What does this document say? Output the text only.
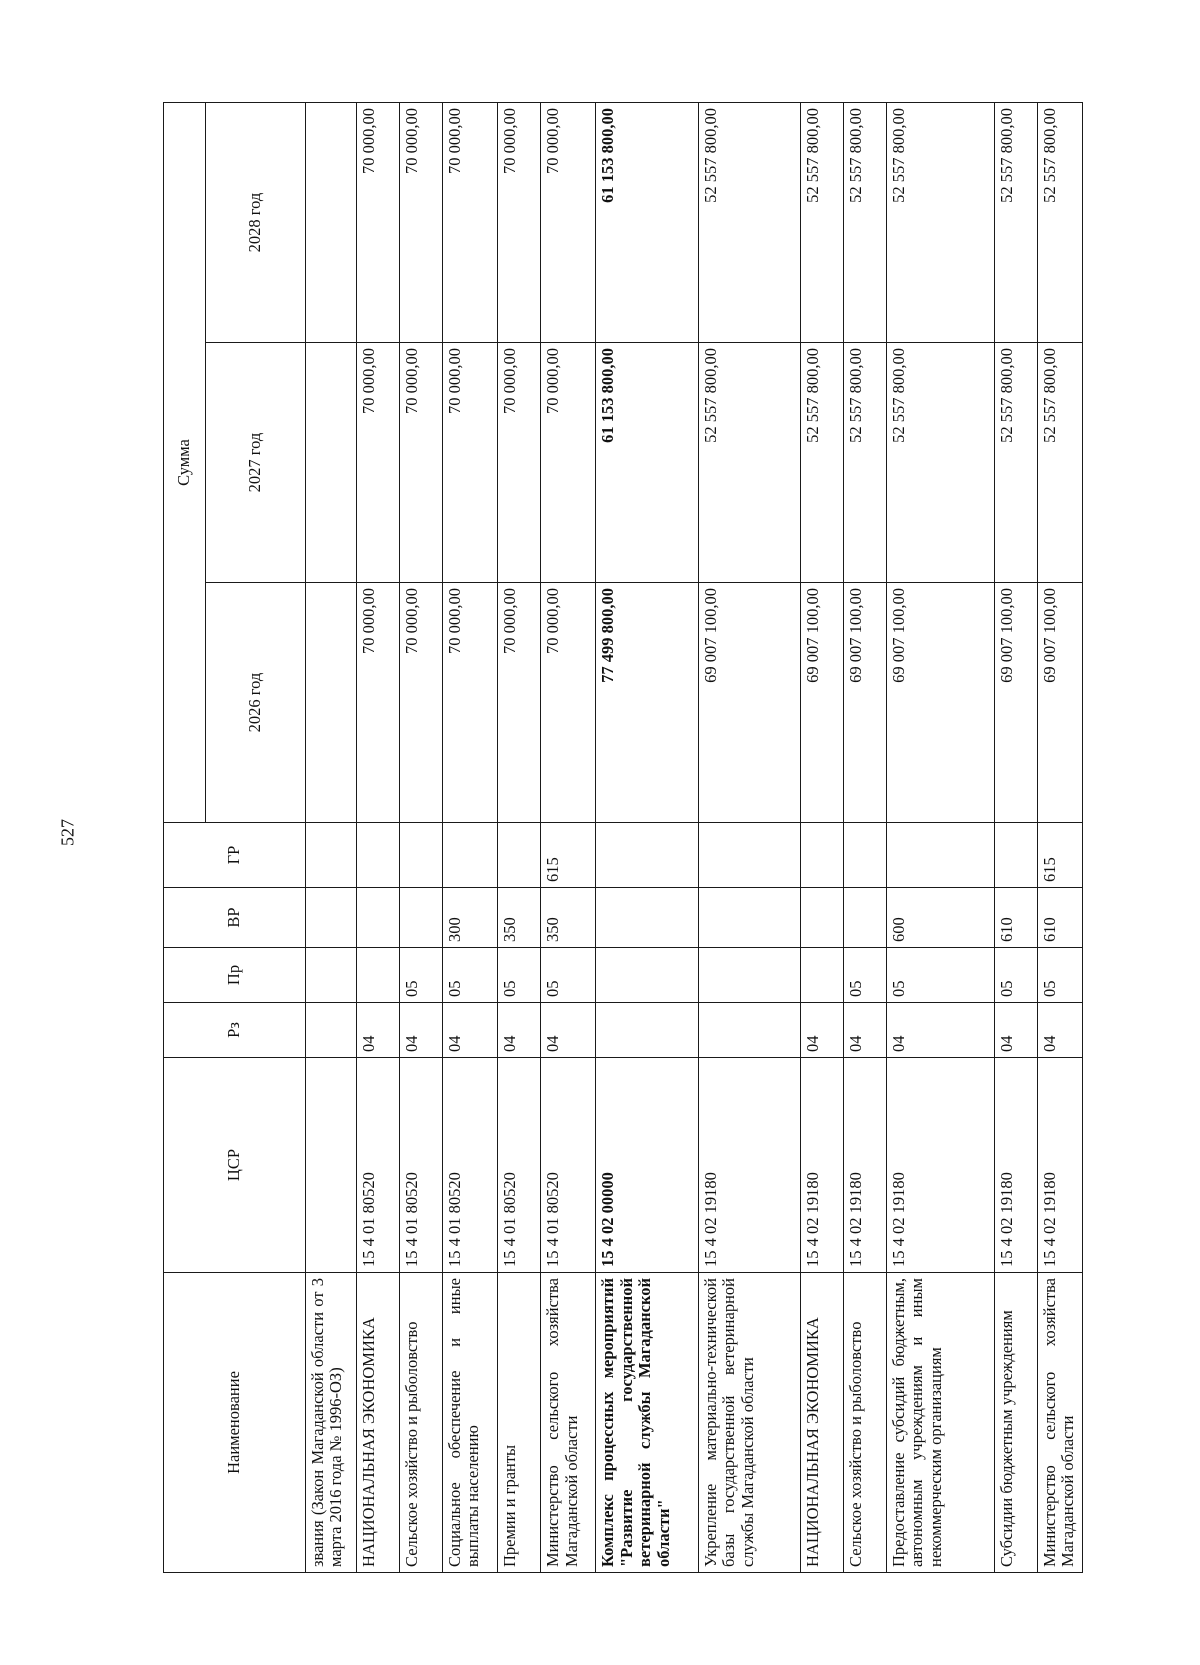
527
Наименование	ЦСР	Рз	Пр	ВР	ГР	Сумма		
						2026 год	2027 год	2028 год
звания (Закон Магаданской области от 3 марта 2016 года № 1996-ОЗ)								
НАЦИОНАЛЬНАЯ ЭКОНОМИКА	15 4 01 80520	04				70 000,00	70 000,00	70 000,00
Сельское хозяйство и рыболовство	15 4 01 80520	04	05			70 000,00	70 000,00	70 000,00
Социальное обеспечение и иные выплаты населению	15 4 01 80520	04	05	300		70 000,00	70 000,00	70 000,00
Премии и гранты	15 4 01 80520	04	05	350		70 000,00	70 000,00	70 000,00
Министерство сельского хозяйства Магаданской области	15 4 01 80520	04	05	350	615	70 000,00	70 000,00	70 000,00
Комплекс процессных мероприятий "Развитие государственной ветеринарной службы Магаданской области"	15 4 02 00000					77 499 800,00	61 153 800,00	61 153 800,00
Укрепление материально-технической базы государственной ветеринарной службы Магаданской области	15 4 02 19180					69 007 100,00	52 557 800,00	52 557 800,00
НАЦИОНАЛЬНАЯ ЭКОНОМИКА	15 4 02 19180	04				69 007 100,00	52 557 800,00	52 557 800,00
Сельское хозяйство и рыболовство	15 4 02 19180	04	05			69 007 100,00	52 557 800,00	52 557 800,00
Предоставление субсидий бюджетным, автономным учреждениям и иным некоммерческим организациям	15 4 02 19180	04	05	600		69 007 100,00	52 557 800,00	52 557 800,00
Субсидии бюджетным учреждениям	15 4 02 19180	04	05	610		69 007 100,00	52 557 800,00	52 557 800,00
Министерство сельского хозяйства Магаданской области	15 4 02 19180	04	05	610	615	69 007 100,00	52 557 800,00	52 557 800,00
